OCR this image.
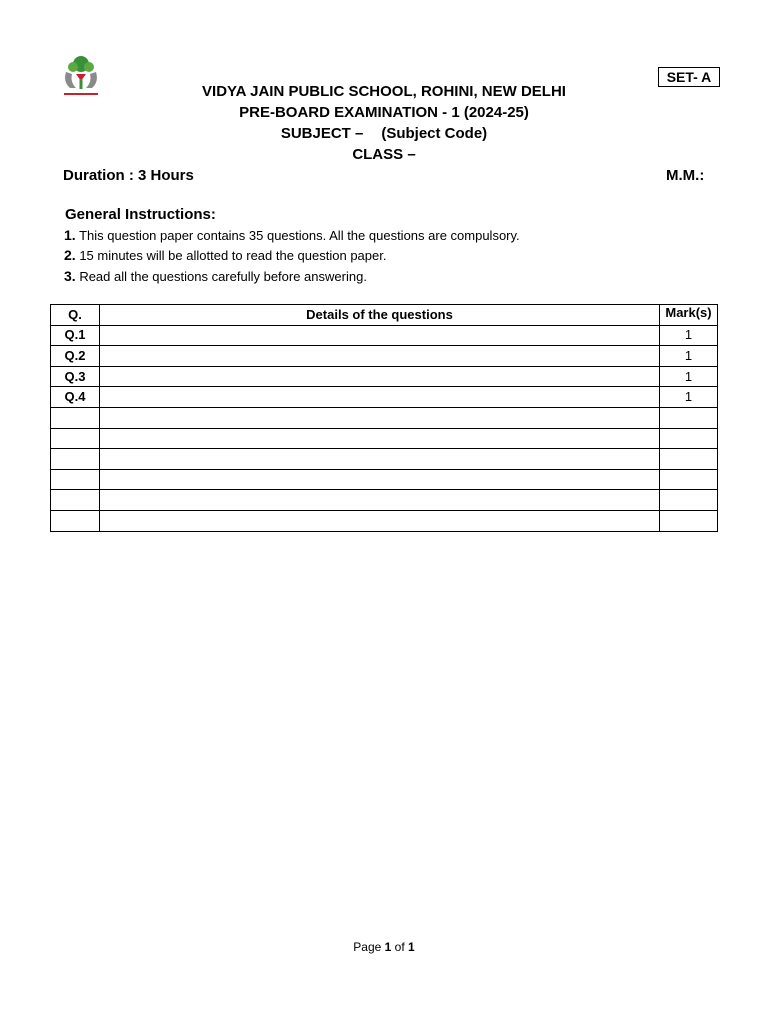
SET- A
VIDYA JAIN PUBLIC SCHOOL, ROHINI, NEW DELHI
PRE-BOARD EXAMINATION - 1 (2024-25)
SUBJECT – (Subject Code)
CLASS –
Duration : 3 Hours	M.M.:
General Instructions:
1. This question paper contains 35 questions. All the questions are compulsory.
2. 15 minutes will be allotted to read the question paper.
3. Read all the questions carefully before answering.
Q.	Details of the questions	Mark(s)
Q.1		1
Q.2		1
Q.3		1
Q.4		1

Page 1 of 1
